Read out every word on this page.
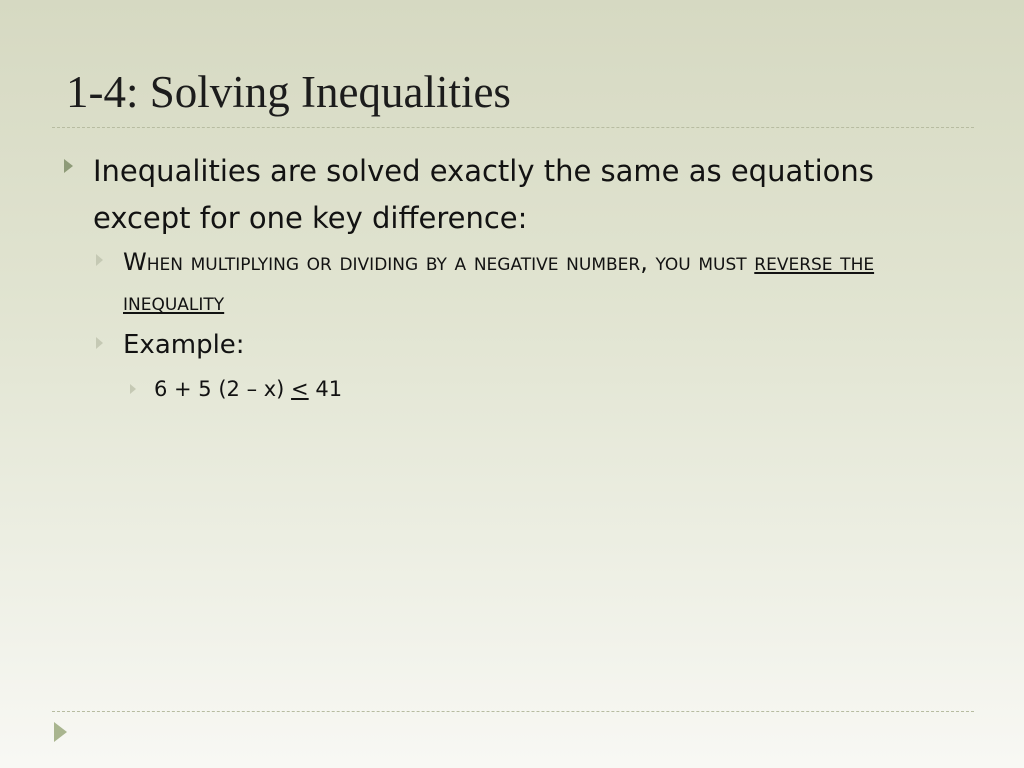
1-4: Solving Inequalities
Inequalities are solved exactly the same as equations except for one key difference:
When multiplying or dividing by a negative number, you must reverse the inequality
Example:
6 + 5 (2 – x) ≤ 41
